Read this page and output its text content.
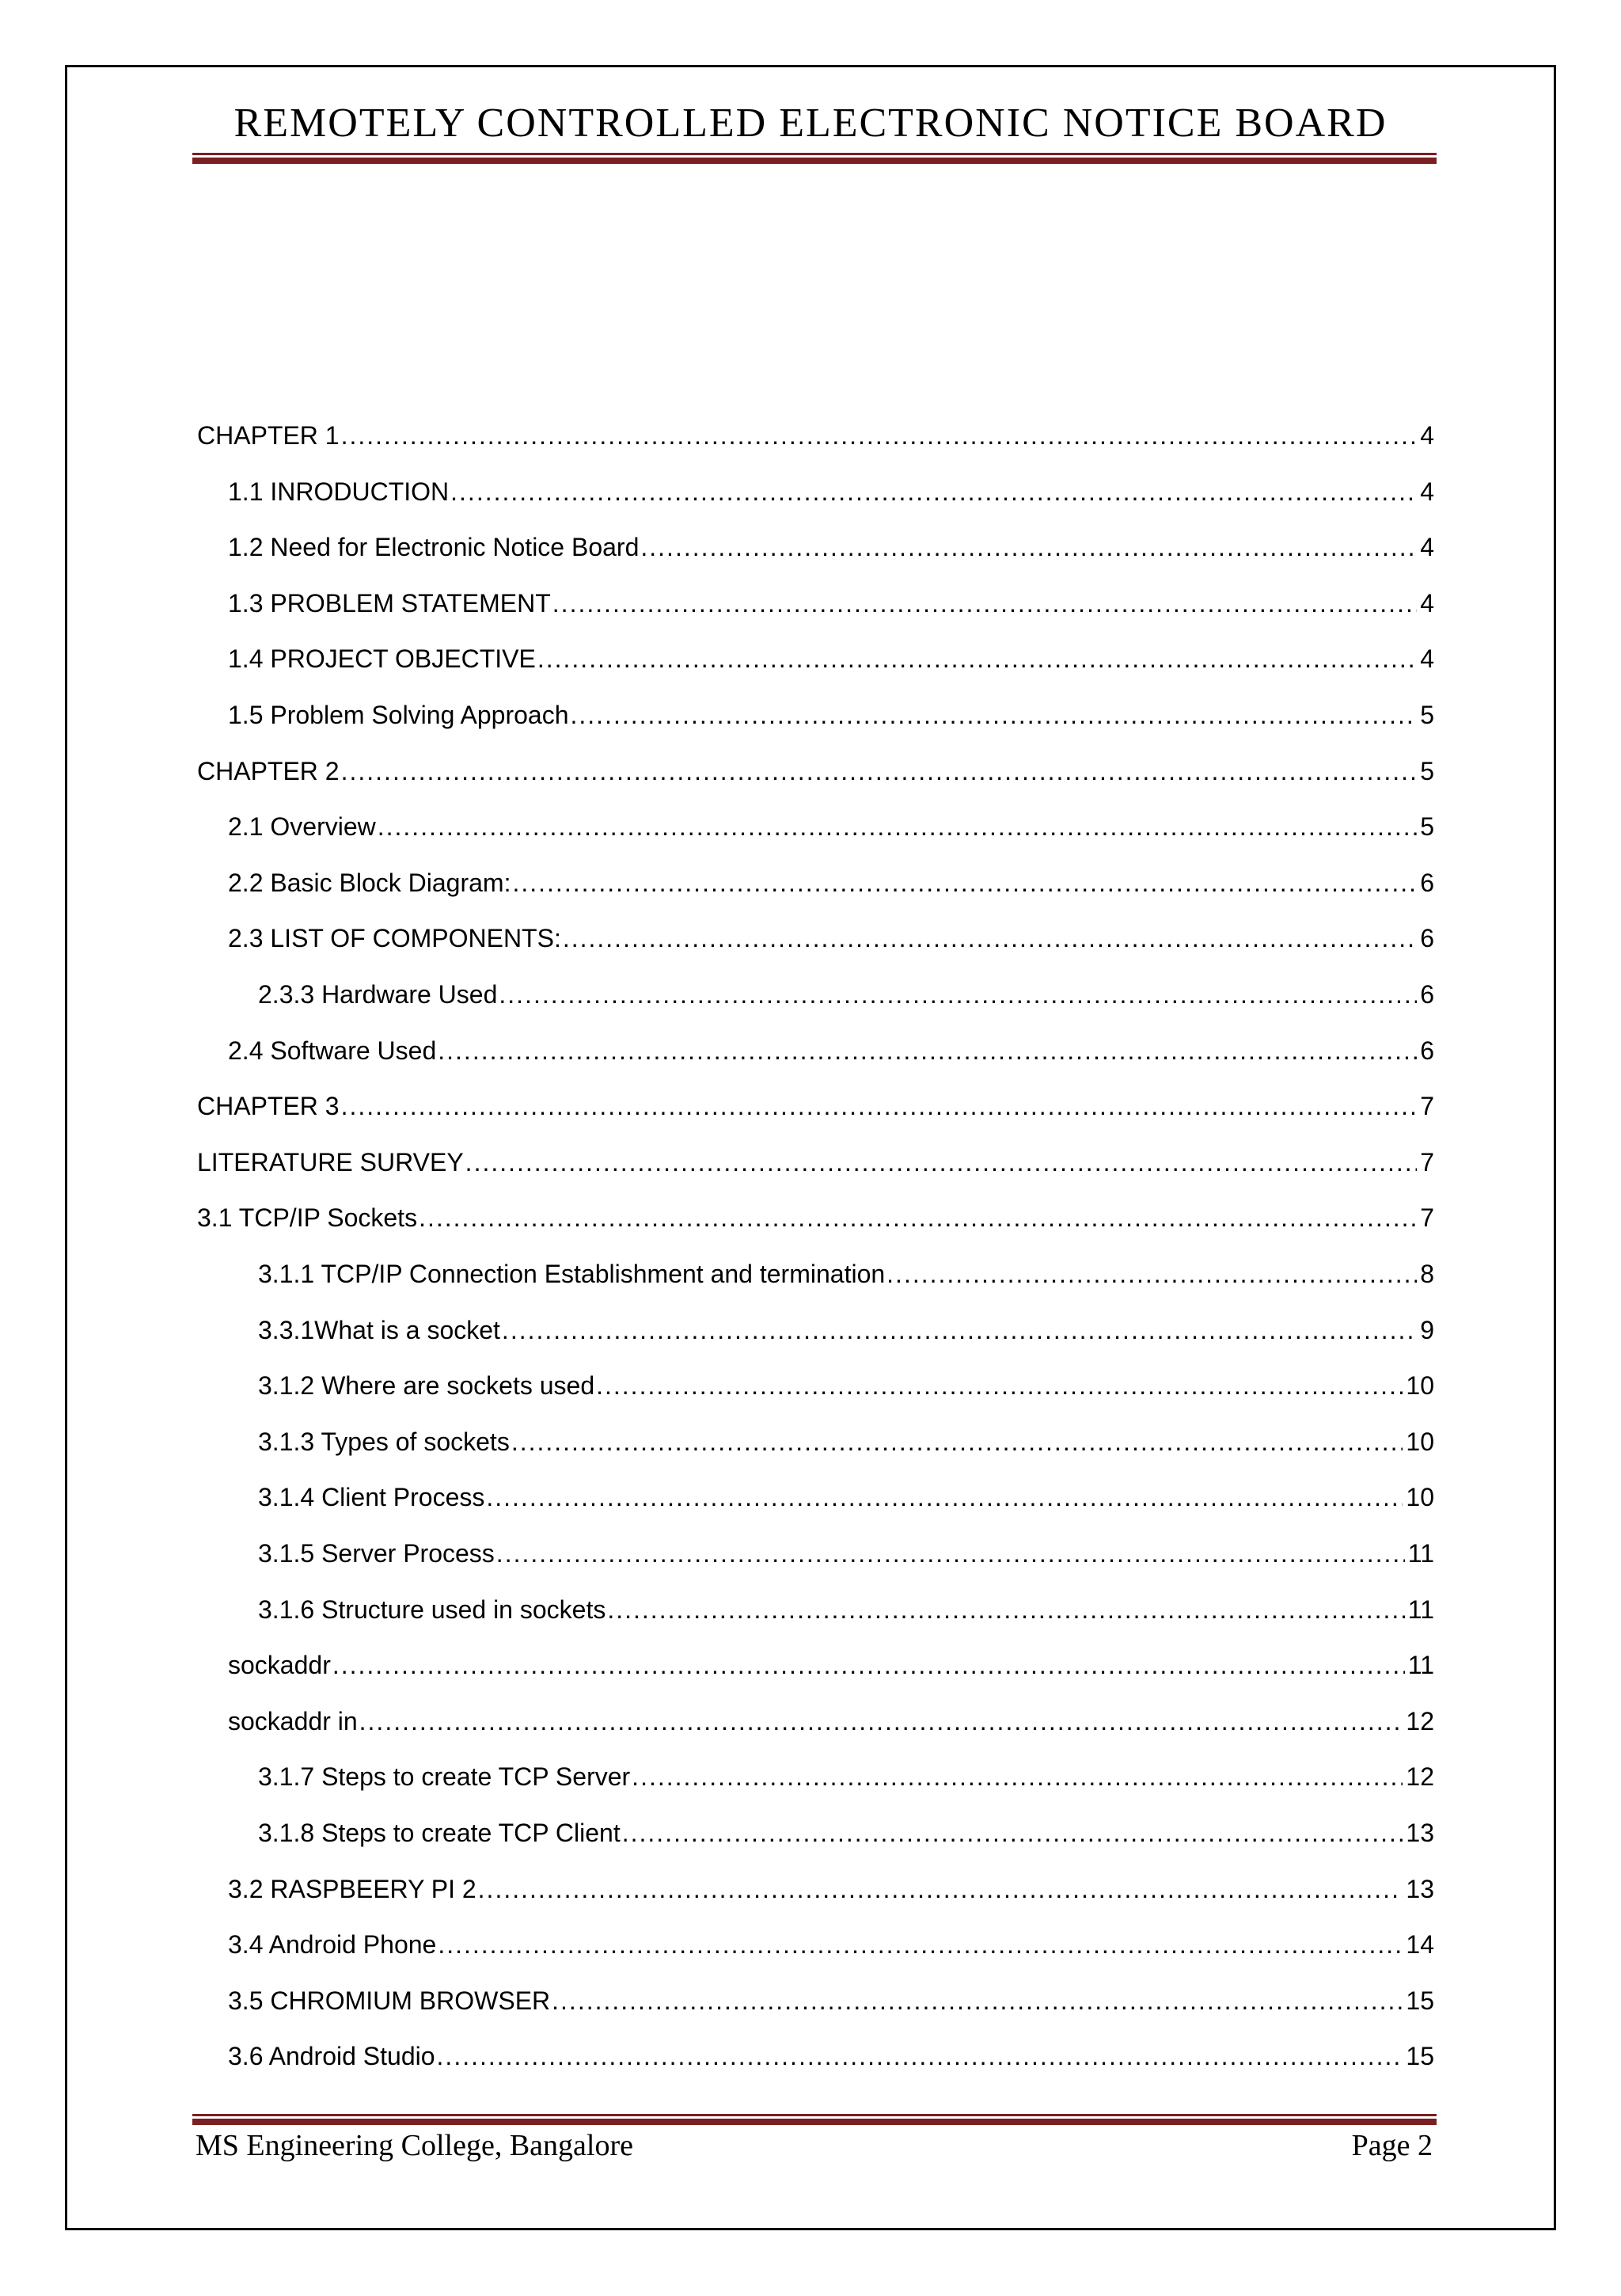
REMOTELY CONTROLLED ELECTRONIC NOTICE BOARD
CHAPTER 1 .....	4
1.1 INRODUCTION .....	4
1.2 Need for Electronic Notice Board .....	4
1.3 PROBLEM STATEMENT .....	4
1.4 PROJECT OBJECTIVE .....	4
1.5 Problem Solving Approach .....	5
CHAPTER 2 .....	5
2.1 Overview .....	5
2.2 Basic Block Diagram: .....	6
2.3 LIST OF COMPONENTS: .....	6
2.3.3 Hardware Used .....	6
2.4 Software Used .....	6
CHAPTER 3 .....	7
LITERATURE SURVEY .....	7
3.1 TCP/IP Sockets .....	7
3.1.1 TCP/IP Connection Establishment and termination .....	8
3.3.1What is a socket .....	9
3.1.2 Where are sockets used .....	10
3.1.3 Types of sockets .....	10
3.1.4 Client Process .....	10
3.1.5 Server Process .....	11
3.1.6 Structure used in sockets .....	11
sockaddr .....	11
sockaddr in .....	12
3.1.7 Steps to create TCP Server .....	12
3.1.8 Steps to create TCP Client .....	13
3.2 RASPBEERY PI 2 .....	13
3.4 Android Phone .....	14
3.5 CHROMIUM BROWSER .....	15
3.6 Android Studio .....	15
MS Engineering College, Bangalore	Page 2
